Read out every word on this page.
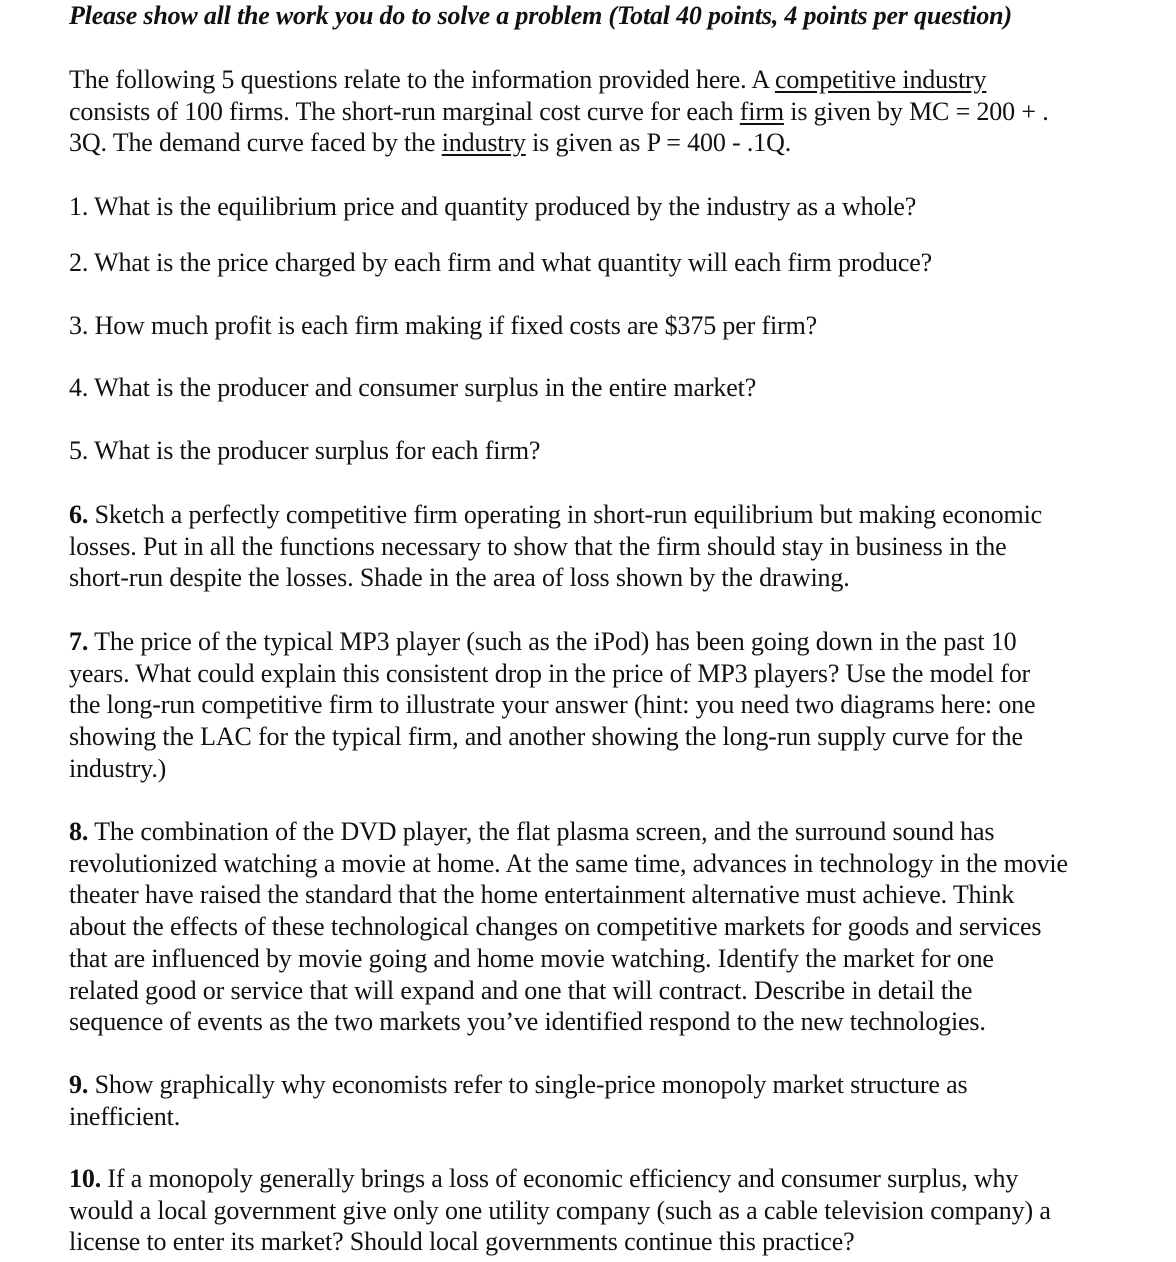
Please show all the work you do to solve a problem (Total 40 points, 4 points per question)
The following 5 questions relate to the information provided here. A competitive industry
consists of 100 firms. The short-run marginal cost curve for each firm is given by MC = 200 + .
3Q. The demand curve faced by the industry is given as P = 400 - .1Q.
1. What is the equilibrium price and quantity produced by the industry as a whole?
2. What is the price charged by each firm and what quantity will each firm produce?
3. How much profit is each firm making if fixed costs are $375 per firm?
4. What is the producer and consumer surplus in the entire market?
5. What is the producer surplus for each firm?
6. Sketch a perfectly competitive firm operating in short-run equilibrium but making economic
losses. Put in all the functions necessary to show that the firm should stay in business in the
short-run despite the losses. Shade in the area of loss shown by the drawing.
7. The price of the typical MP3 player (such as the iPod) has been going down in the past 10
years. What could explain this consistent drop in the price of MP3 players? Use the model for
the long-run competitive firm to illustrate your answer (hint: you need two diagrams here: one
showing the LAC for the typical firm, and another showing the long-run supply curve for the
industry.)
8. The combination of the DVD player, the flat plasma screen, and the surround sound has
revolutionized watching a movie at home. At the same time, advances in technology in the movie
theater have raised the standard that the home entertainment alternative must achieve. Think
about the effects of these technological changes on competitive markets for goods and services
that are influenced by movie going and home movie watching. Identify the market for one
related good or service that will expand and one that will contract. Describe in detail the
sequence of events as the two markets you’ve identified respond to the new technologies.
9. Show graphically why economists refer to single-price monopoly market structure as
inefficient.
10. If a monopoly generally brings a loss of economic efficiency and consumer surplus, why
would a local government give only one utility company (such as a cable television company) a
license to enter its market? Should local governments continue this practice?
